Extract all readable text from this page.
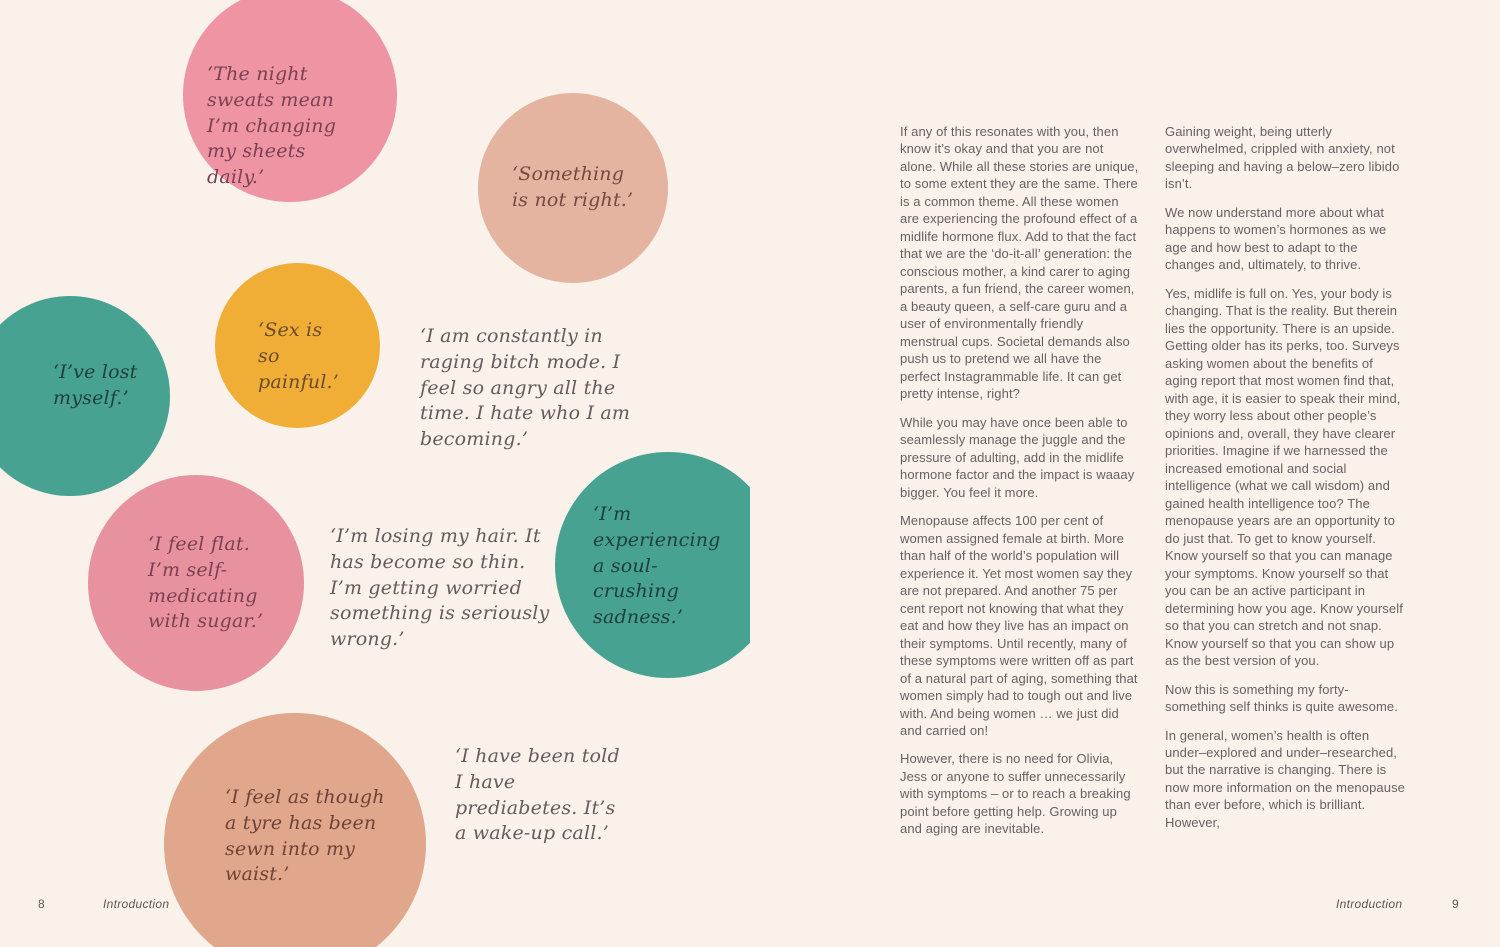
‘I’ve lost myself.’
‘The night sweats mean I’m changing my sheets daily.’	‘Something is not right.’
‘Sex is so painful.’
‘I feel flat. I’m self-medicating with sugar.’
‘I’m experiencing a soul-crushing sadness.’
‘I feel as though a tyre has been sewn into my waist.’
‘I am constantly in raging bitch mode. I feel so angry all the time. I hate who I am becoming.’
‘I’m losing my hair. It has become so thin. I’m getting worried something is seriously wrong.’
‘I have been told I have prediabetes. It’s a wake-up call.’

If any of this resonates with you, then know it’s okay and that you are not alone. While all these stories are unique, to some extent they are the same. There is a common theme. All these women are experiencing the profound effect of a midlife hormone flux. Add to that the fact that we are the ‘do-it-all’ generation: the conscious mother, a kind carer to aging parents, a fun friend, the career women, a beauty queen, a self-care guru and a user of environmentally friendly menstrual cups. Societal demands also push us to pretend we all have the perfect Instagrammable life. It can get pretty intense, right?

While you may have once been able to seamlessly manage the juggle and the pressure of adulting, add in the midlife hormone factor and the impact is waaay bigger. You feel it more.

Menopause affects 100 per cent of women assigned female at birth. More than half of the world’s population will experience it. Yet most women say they are not prepared. And another 75 per cent report not knowing that what they eat and how they live has an impact on their symptoms. Until recently, many of these symptoms were written off as part of a natural part of aging, something that women simply had to tough out and live with. And being women … we just did and carried on!

However, there is no need for Olivia, Jess or anyone to suffer unnecessarily with symptoms – or to reach a breaking point before getting help. Growing up and aging are inevitable.

Gaining weight, being utterly overwhelmed, crippled with anxiety, not sleeping and having a below–zero libido isn’t.

We now understand more about what happens to women’s hormones as we age and how best to adapt to the changes and, ultimately, to thrive.

Yes, midlife is full on. Yes, your body is changing. That is the reality. But therein lies the opportunity. There is an upside. Getting older has its perks, too. Surveys asking women about the benefits of aging report that most women find that, with age, it is easier to speak their mind, they worry less about other people’s opinions and, overall, they have clearer priorities. Imagine if we harnessed the increased emotional and social intelligence (what we call wisdom) and gained health intelligence too? The menopause years are an opportunity to do just that. To get to know yourself. Know yourself so that you can manage your symptoms. Know yourself so that you can be an active participant in determining how you age. Know yourself so that you can stretch and not snap. Know yourself so that you can show up as the best version of you.

Now this is something my forty-something self thinks is quite awesome.

In general, women’s health is often under–explored and under–researched, but the narrative is changing. There is now more information on the menopause than ever before, which is brilliant. However,

8	Introduction	Introduction	9
